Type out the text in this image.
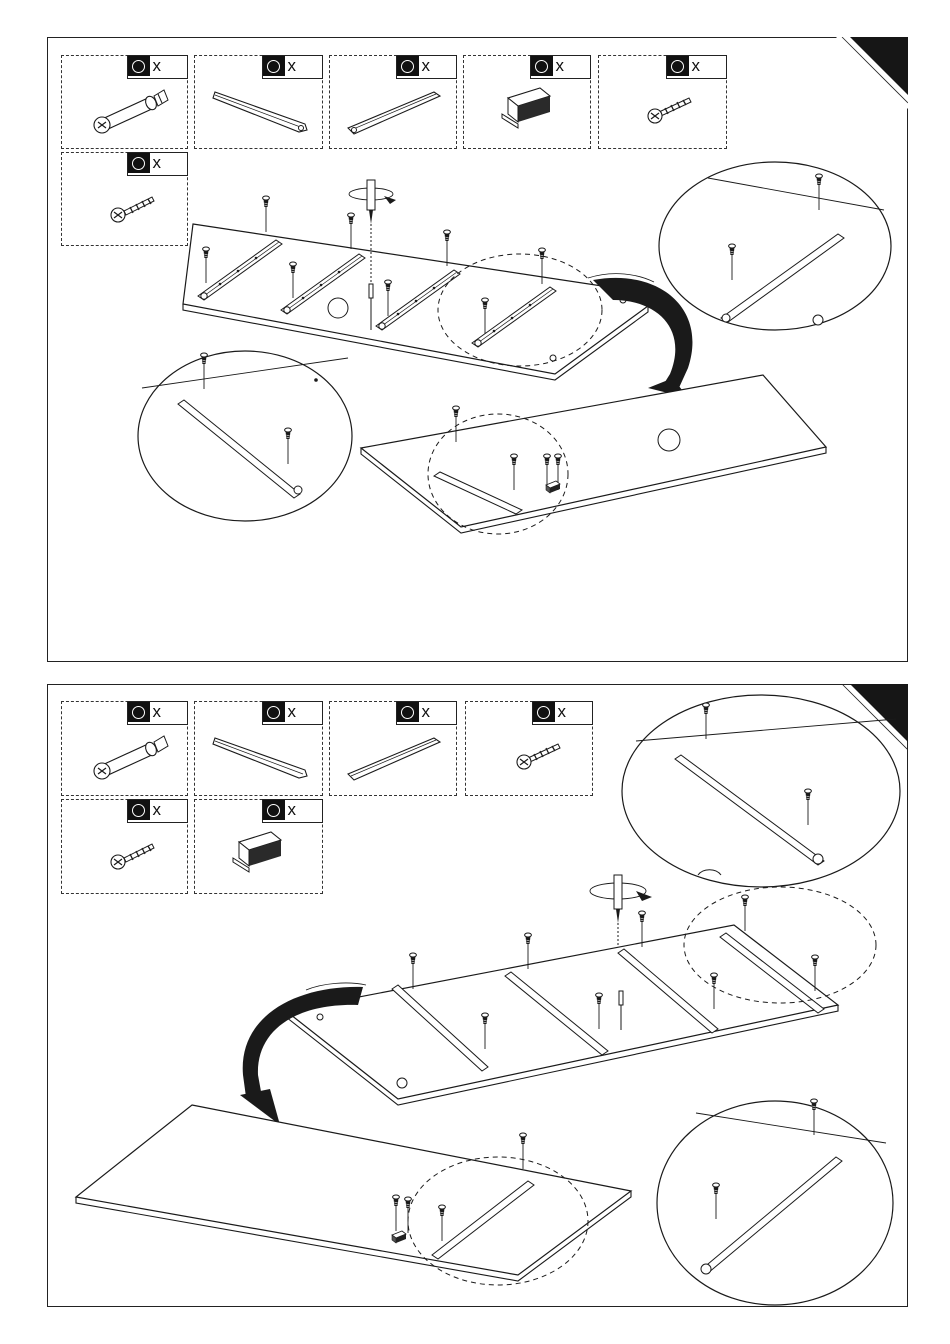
x	x	x	x	x
x
x	x	x	x
x	x
